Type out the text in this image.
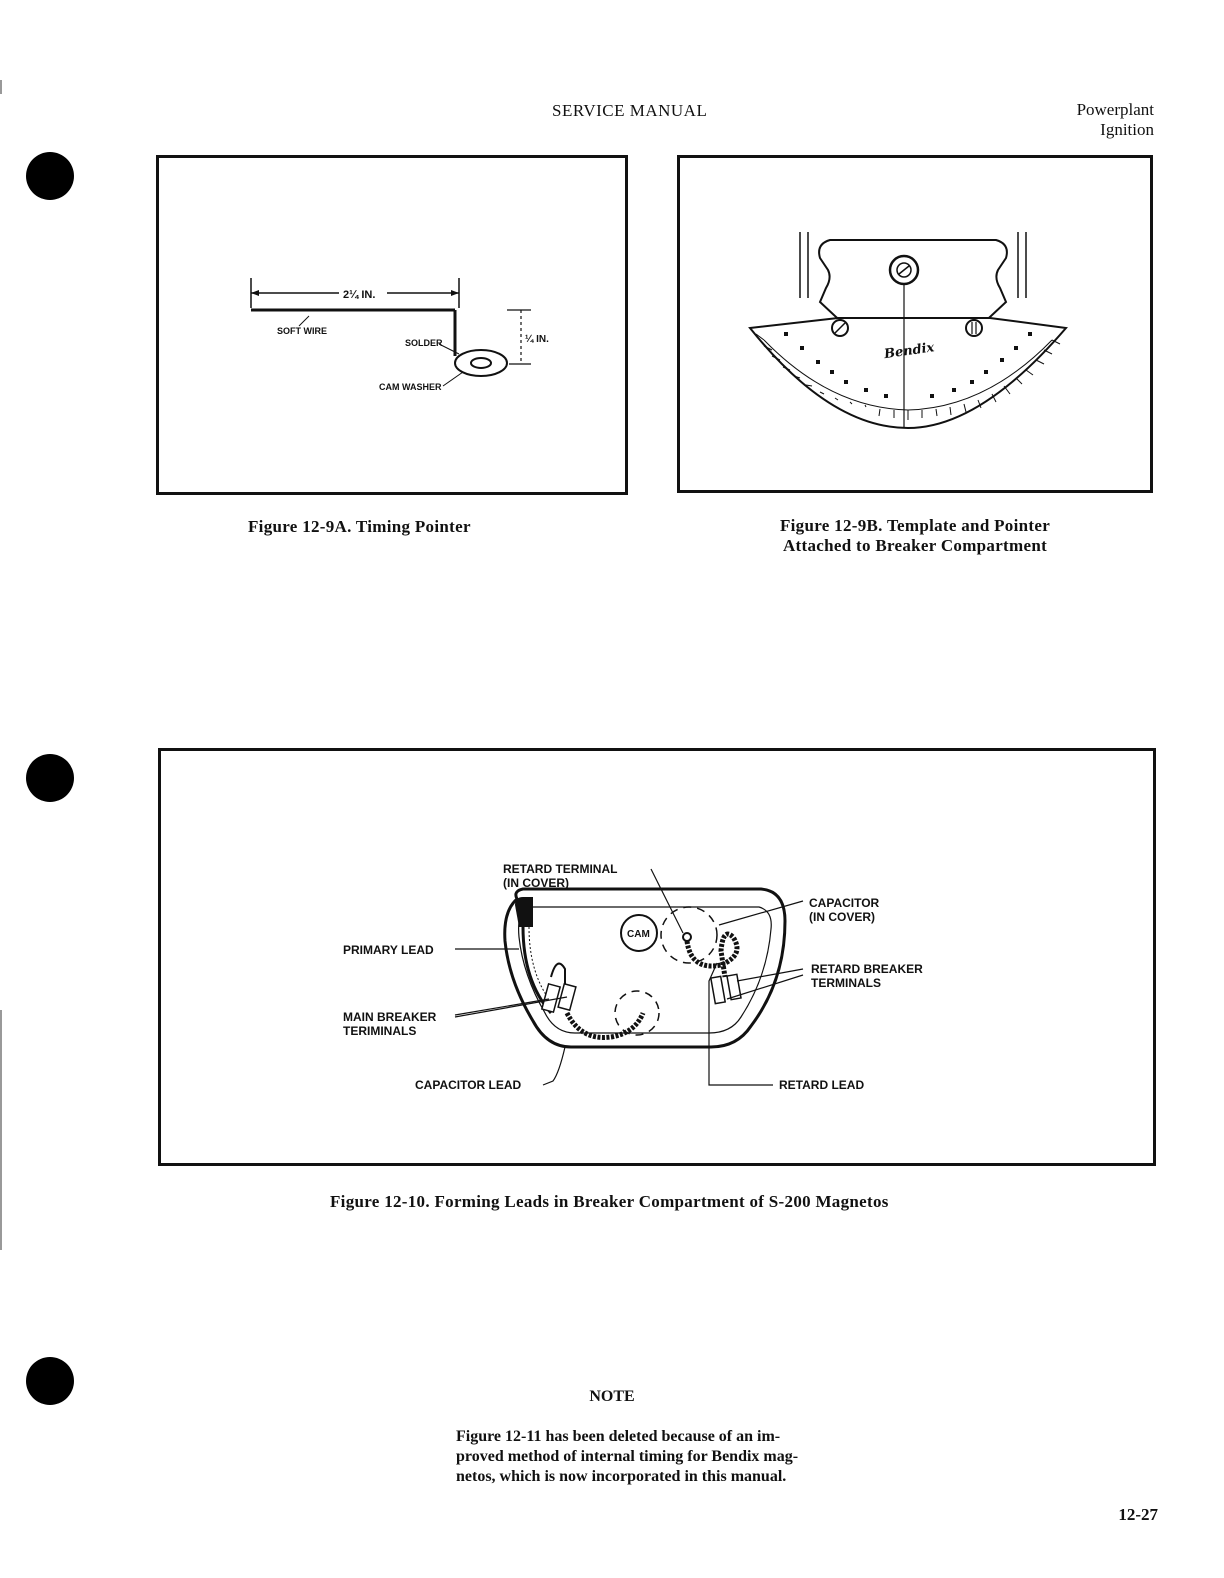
SERVICE MANUAL	Powerplant
Ignition
2¼ IN.
¼ IN.
SOFT WIRE
SOLDER
CAM WASHER
Figure 12-9A. Timing Pointer
Bendix
Figure 12-9B. Template and Pointer
Attached to Breaker Compartment
CAM
RETARD TERMINAL
(IN COVER)
CAPACITOR
(IN COVER)
PRIMARY LEAD
RETARD BREAKER
TERMINALS
MAIN BREAKER
TERIMINALS
CAPACITOR LEAD	RETARD LEAD
Figure 12-10. Forming Leads in Breaker Compartment of S-200 Magnetos
NOTE
Figure 12-11 has been deleted because of an im-
proved method of internal timing for Bendix mag-
netos, which is now incorporated in this manual.
12-27
